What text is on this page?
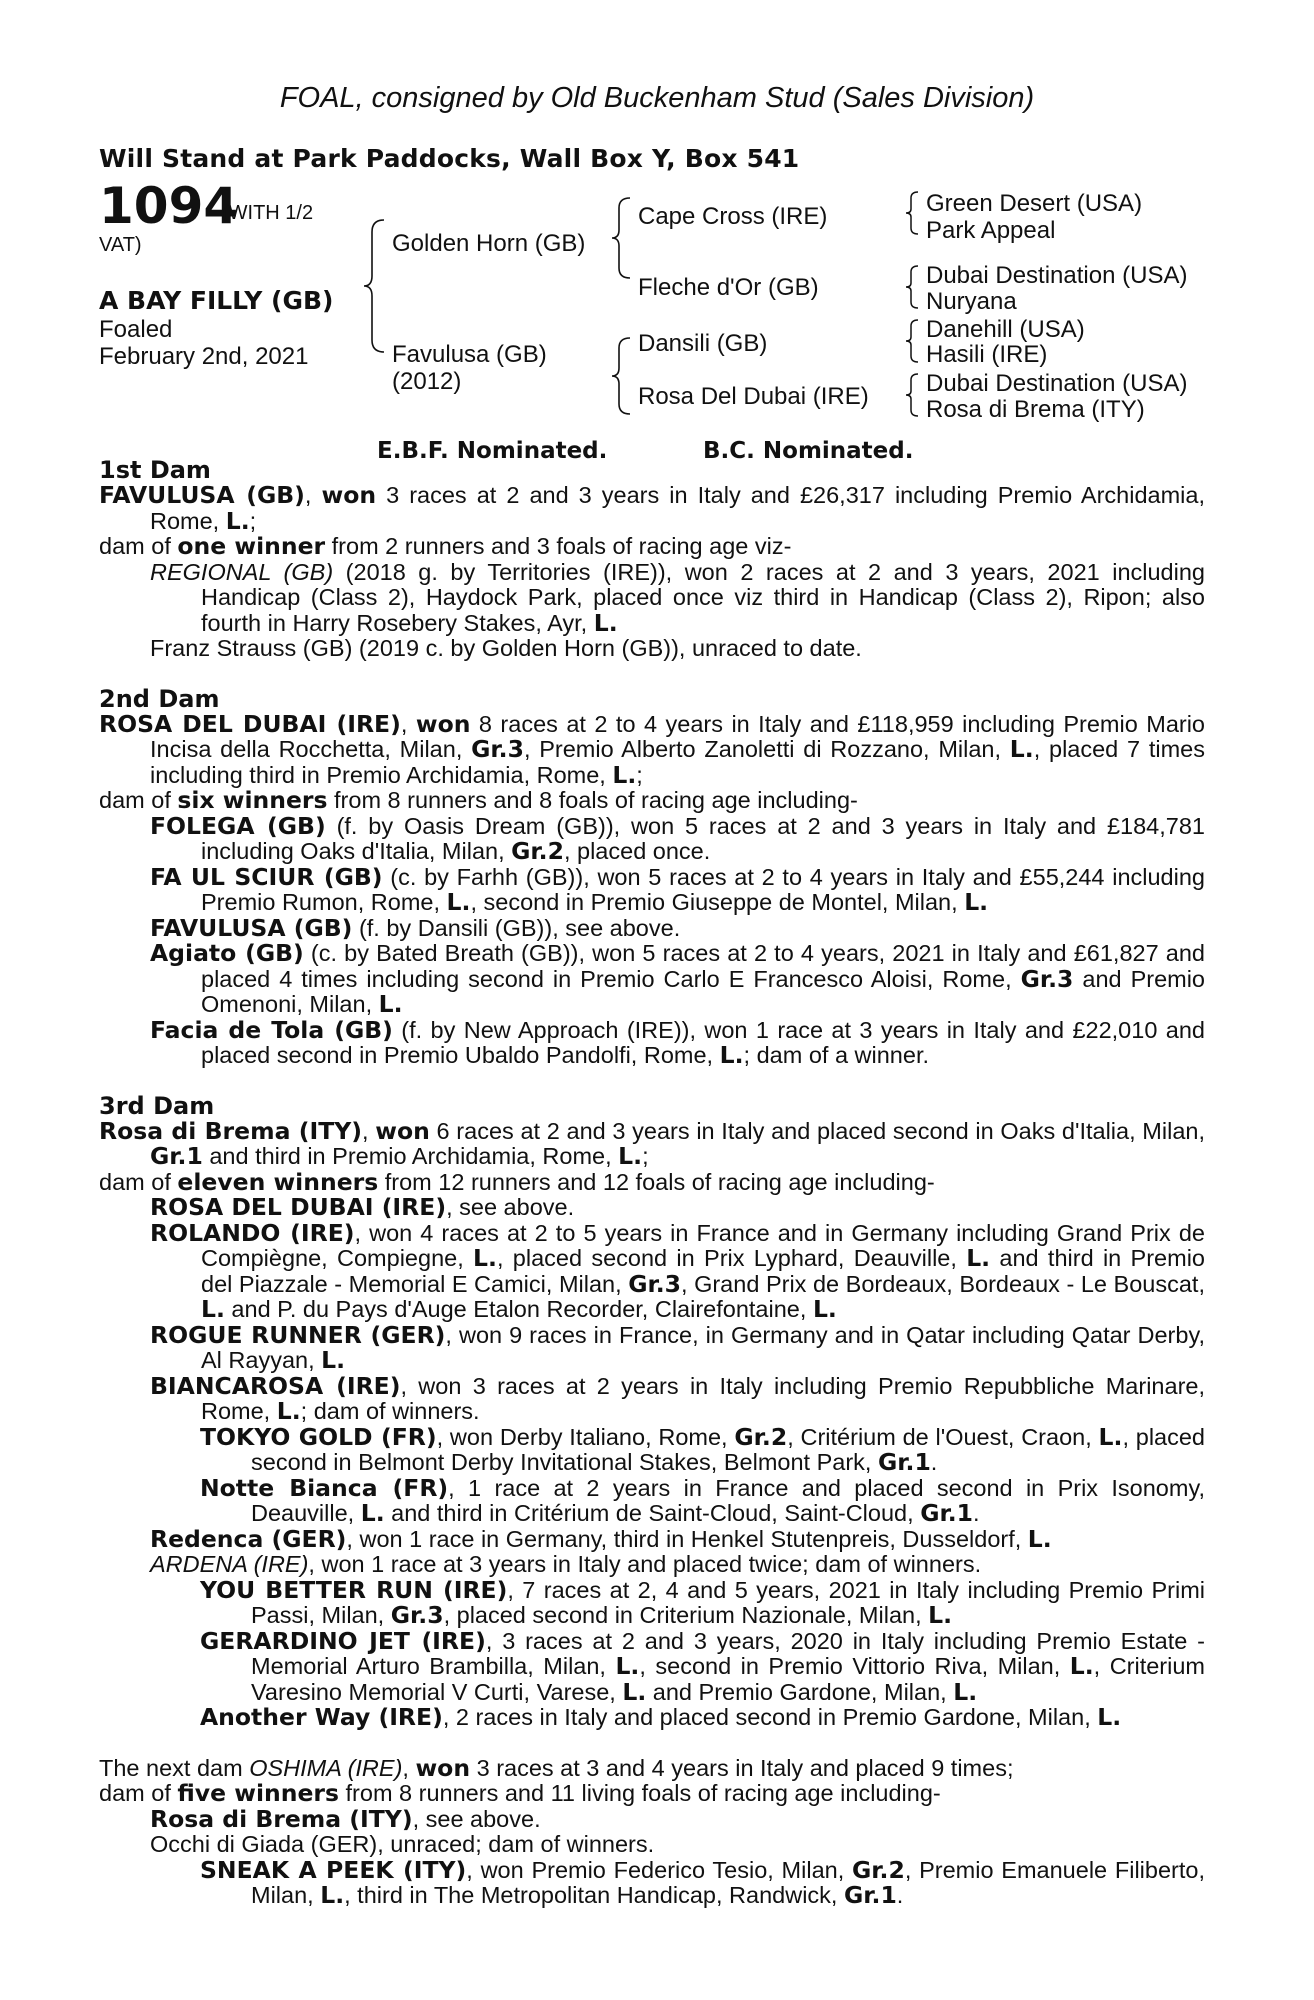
FOAL, consigned by Old Buckenham Stud (Sales Division)
Will Stand at Park Paddocks, Wall Box Y, Box 541
1094
(WITH 1/2
VAT)
A BAY FILLY (GB)
Foaled
February 2nd, 2021
Golden Horn (GB)
Favulusa (GB)
(2012)
Cape Cross (IRE)
Fleche d'Or (GB)
Dansili (GB)
Rosa Del Dubai (IRE)
Green Desert (USA)
Park Appeal
Dubai Destination (USA)
Nuryana
Danehill (USA)
Hasili (IRE)
Dubai Destination (USA)
Rosa di Brema (ITY)
E.B.F. Nominated.	B.C. Nominated.
1st Dam
FAVULUSA (GB), won 3 races at 2 and 3 years in Italy and £26,317 including Premio Archidamia, Rome, L.;
dam of one winner from 2 runners and 3 foals of racing age viz-
REGIONAL (GB) (2018 g. by Territories (IRE)), won 2 races at 2 and 3 years, 2021 including Handicap (Class 2), Haydock Park, placed once viz third in Handicap (Class 2), Ripon; also fourth in Harry Rosebery Stakes, Ayr, L.
Franz Strauss (GB) (2019 c. by Golden Horn (GB)), unraced to date.
2nd Dam
ROSA DEL DUBAI (IRE), won 8 races at 2 to 4 years in Italy and £118,959 including Premio Mario Incisa della Rocchetta, Milan, Gr.3, Premio Alberto Zanoletti di Rozzano, Milan, L., placed 7 times including third in Premio Archidamia, Rome, L.;
dam of six winners from 8 runners and 8 foals of racing age including-
FOLEGA (GB) (f. by Oasis Dream (GB)), won 5 races at 2 and 3 years in Italy and £184,781 including Oaks d'Italia, Milan, Gr.2, placed once.
FA UL SCIUR (GB) (c. by Farhh (GB)), won 5 races at 2 to 4 years in Italy and £55,244 including Premio Rumon, Rome, L., second in Premio Giuseppe de Montel, Milan, L.
FAVULUSA (GB) (f. by Dansili (GB)), see above.
Agiato (GB) (c. by Bated Breath (GB)), won 5 races at 2 to 4 years, 2021 in Italy and £61,827 and placed 4 times including second in Premio Carlo E Francesco Aloisi, Rome, Gr.3 and Premio Omenoni, Milan, L.
Facia de Tola (GB) (f. by New Approach (IRE)), won 1 race at 3 years in Italy and £22,010 and placed second in Premio Ubaldo Pandolfi, Rome, L.; dam of a winner.
3rd Dam
Rosa di Brema (ITY), won 6 races at 2 and 3 years in Italy and placed second in Oaks d'Italia, Milan, Gr.1 and third in Premio Archidamia, Rome, L.;
dam of eleven winners from 12 runners and 12 foals of racing age including-
ROSA DEL DUBAI (IRE), see above.
ROLANDO (IRE), won 4 races at 2 to 5 years in France and in Germany including Grand Prix de Compiègne, Compiegne, L., placed second in Prix Lyphard, Deauville, L. and third in Premio del Piazzale - Memorial E Camici, Milan, Gr.3, Grand Prix de Bordeaux, Bordeaux - Le Bouscat, L. and P. du Pays d'Auge Etalon Recorder, Clairefontaine, L.
ROGUE RUNNER (GER), won 9 races in France, in Germany and in Qatar including Qatar Derby, Al Rayyan, L.
BIANCAROSA (IRE), won 3 races at 2 years in Italy including Premio Repubbliche Marinare, Rome, L.; dam of winners.
TOKYO GOLD (FR), won Derby Italiano, Rome, Gr.2, Critérium de l'Ouest, Craon, L., placed second in Belmont Derby Invitational Stakes, Belmont Park, Gr.1.
Notte Bianca (FR), 1 race at 2 years in France and placed second in Prix Isonomy, Deauville, L. and third in Critérium de Saint-Cloud, Saint-Cloud, Gr.1.
Redenca (GER), won 1 race in Germany, third in Henkel Stutenpreis, Dusseldorf, L.
ARDENA (IRE), won 1 race at 3 years in Italy and placed twice; dam of winners.
YOU BETTER RUN (IRE), 7 races at 2, 4 and 5 years, 2021 in Italy including Premio Primi Passi, Milan, Gr.3, placed second in Criterium Nazionale, Milan, L.
GERARDINO JET (IRE), 3 races at 2 and 3 years, 2020 in Italy including Premio Estate - Memorial Arturo Brambilla, Milan, L., second in Premio Vittorio Riva, Milan, L., Criterium Varesino Memorial V Curti, Varese, L. and Premio Gardone, Milan, L.
Another Way (IRE), 2 races in Italy and placed second in Premio Gardone, Milan, L.
The next dam OSHIMA (IRE), won 3 races at 3 and 4 years in Italy and placed 9 times;
dam of five winners from 8 runners and 11 living foals of racing age including-
Rosa di Brema (ITY), see above.
Occhi di Giada (GER), unraced; dam of winners.
SNEAK A PEEK (ITY), won Premio Federico Tesio, Milan, Gr.2, Premio Emanuele Filiberto, Milan, L., third in The Metropolitan Handicap, Randwick, Gr.1.
